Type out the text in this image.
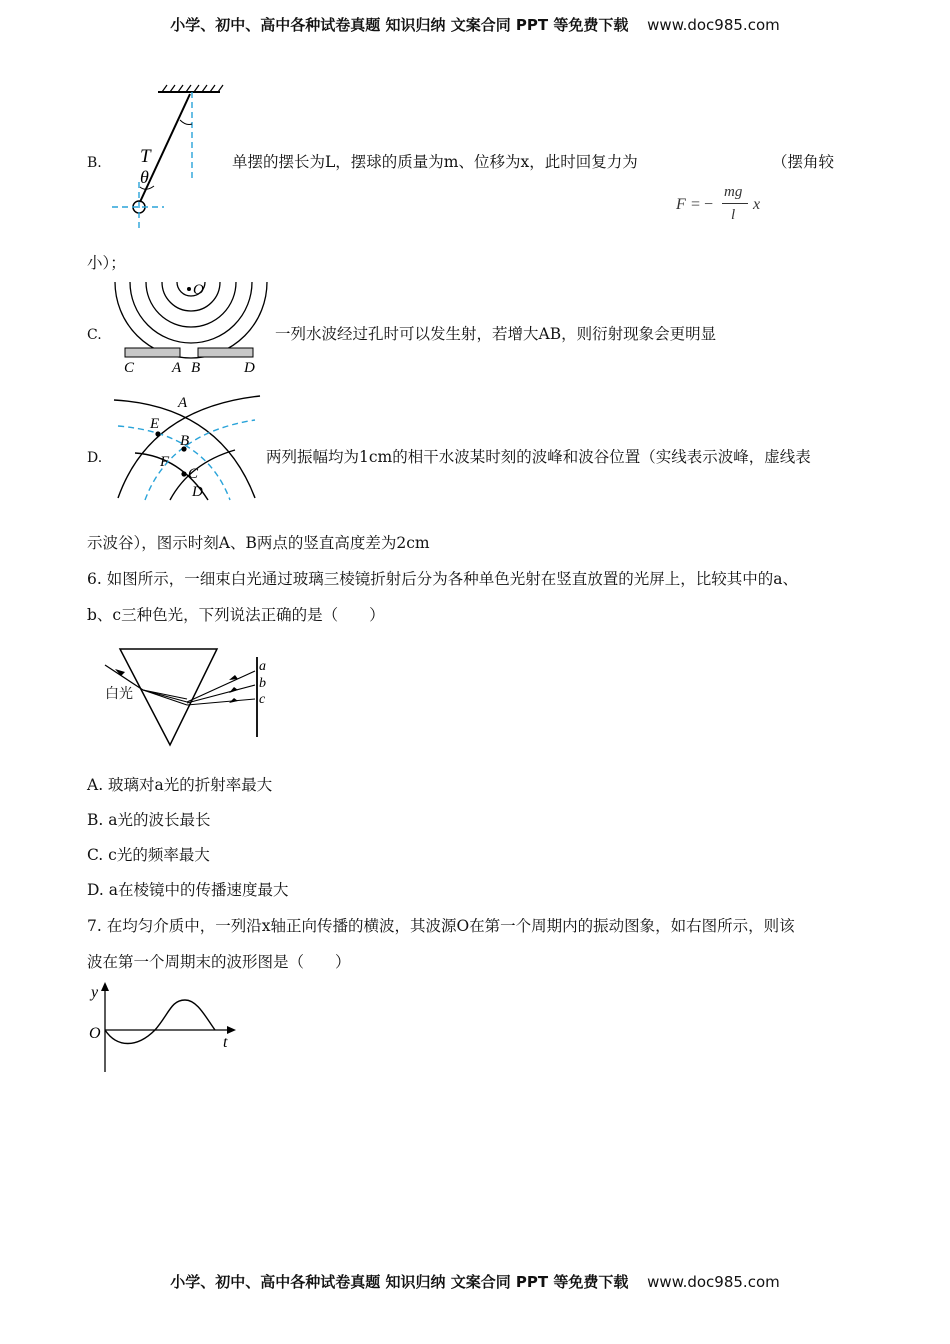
小学、初中、高中各种试卷真题 知识归纳 文案合同 PPT 等免费下载 www.doc985.com
B. T
θ
单摆的摆长为L，摆球的质量为m、位移为x，此时回复力为	（摆角较
F = −
mg
l
x
小）；
C.
O
C	A B	D
一列水波经过孔时可以发生射，若增大AB，则衍射现象会更明显
D.
A
E
B
F
C
D
两列振幅均为1cm的相干水波某时刻的波峰和波谷位置（实线表示波峰，虚线表
示波谷），图示时刻A、B两点的竖直高度差为2cm
6. 如图所示，一细束白光通过玻璃三棱镜折射后分为各种单色光射在竖直放置的光屏上，比较其中的a、
b、c三种色光，下列说法正确的是（　　）
a
b
c
白光
A. 玻璃对a光的折射率最大
B. a光的波长最长
C. c光的频率最大
D. a在棱镜中的传播速度最大
7. 在均匀介质中，一列沿x轴正向传播的横波，其波源O在第一个周期内的振动图象，如右图所示，则该
波在第一个周期末的波形图是（　　）
y
O
t
小学、初中、高中各种试卷真题 知识归纳 文案合同 PPT 等免费下载 www.doc985.com
